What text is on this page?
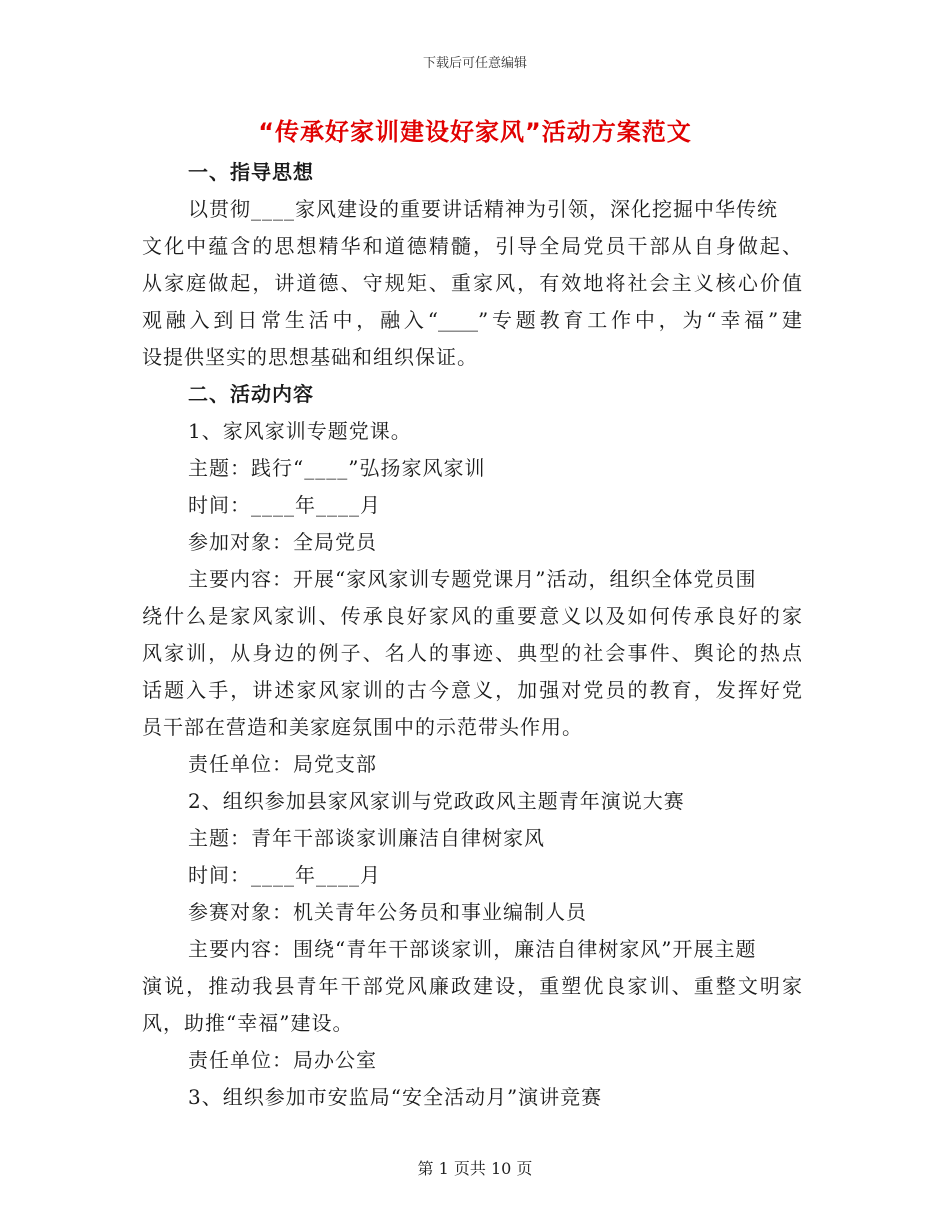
下载后可任意编辑
“传承好家训建设好家风”活动方案范文
一、指导思想
以贯彻____家风建设的重要讲话精神为引领，深化挖掘中华传统
文化中蕴含的思想精华和道德精髓，引导全局党员干部从自身做起、
从家庭做起，讲道德、守规矩、重家风，有效地将社会主义核心价值
观融入到日常生活中，融入“____”专题教育工作中，为“幸福”建
设提供坚实的思想基础和组织保证。
二、活动内容
1、家风家训专题党课。
主题：践行“____”弘扬家风家训
时间：____年____月
参加对象：全局党员
主要内容：开展“家风家训专题党课月”活动，组织全体党员围
绕什么是家风家训、传承良好家风的重要意义以及如何传承良好的家
风家训，从身边的例子、名人的事迹、典型的社会事件、舆论的热点
话题入手，讲述家风家训的古今意义，加强对党员的教育，发挥好党
员干部在营造和美家庭氛围中的示范带头作用。
责任单位：局党支部
2、组织参加县家风家训与党政政风主题青年演说大赛
主题：青年干部谈家训廉洁自律树家风
时间：____年____月
参赛对象：机关青年公务员和事业编制人员
主要内容：围绕“青年干部谈家训，廉洁自律树家风”开展主题
演说，推动我县青年干部党风廉政建设，重塑优良家训、重整文明家
风，助推“幸福”建设。
责任单位：局办公室
3、组织参加市安监局“安全活动月”演讲竞赛
第 1 页共 10 页
